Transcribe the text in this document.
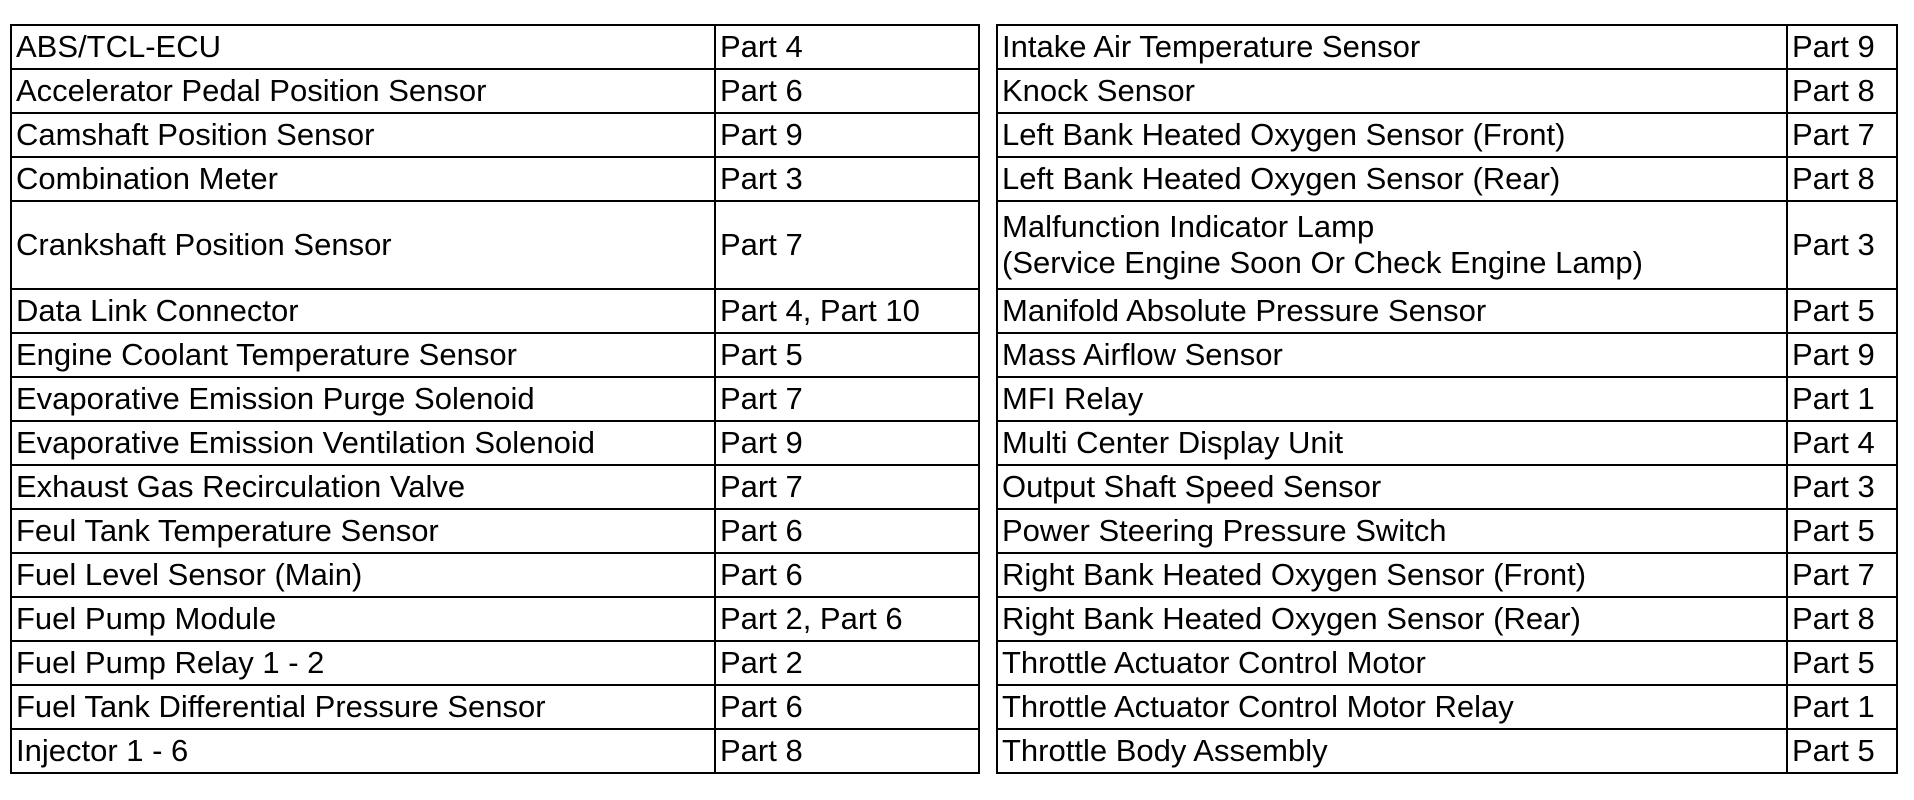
ABS/TCL-ECU	Part 4
Accelerator Pedal Position Sensor	Part 6
Camshaft Position Sensor	Part 9
Combination Meter	Part 3
Crankshaft Position Sensor	Part 7
Data Link Connector	Part 4, Part 10
Engine Coolant Temperature Sensor	Part 5
Evaporative Emission Purge Solenoid	Part 7
Evaporative Emission Ventilation Solenoid	Part 9
Exhaust Gas Recirculation Valve	Part 7
Feul Tank Temperature Sensor	Part 6
Fuel Level Sensor (Main)	Part 6
Fuel Pump Module	Part 2, Part 6
Fuel Pump Relay 1 - 2	Part 2
Fuel Tank Differential Pressure Sensor	Part 6
Injector 1 - 6	Part 8
Intake Air Temperature Sensor	Part 9
Knock Sensor	Part 8
Left Bank Heated Oxygen Sensor (Front)	Part 7
Left Bank Heated Oxygen Sensor (Rear)	Part 8

Malfunction Indicator Lamp
(Service Engine Soon Or Check Engine Lamp)	Part 3
Manifold Absolute Pressure Sensor	Part 5
Mass Airflow Sensor	Part 9
MFI Relay	Part 1
Multi Center Display Unit	Part 4
Output Shaft Speed Sensor	Part 3
Power Steering Pressure Switch	Part 5
Right Bank Heated Oxygen Sensor (Front)	Part 7
Right Bank Heated Oxygen Sensor (Rear)	Part 8
Throttle Actuator Control Motor	Part 5
Throttle Actuator Control Motor Relay	Part 1
Throttle Body Assembly	Part 5
